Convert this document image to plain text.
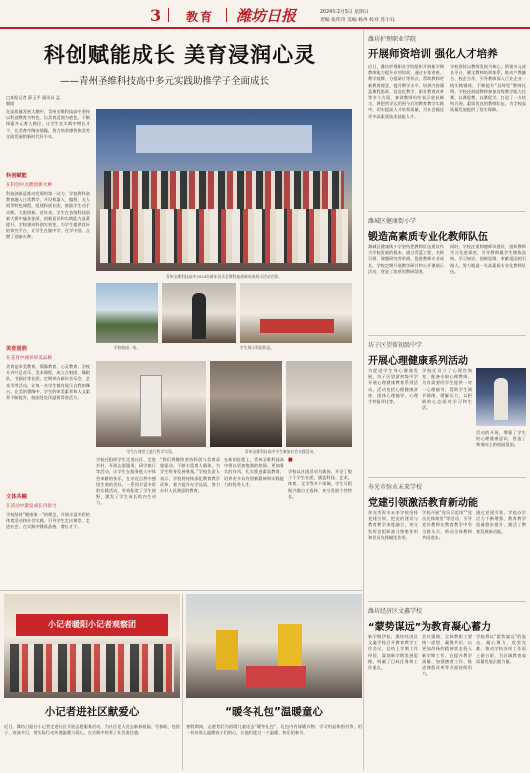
3 教育 潍坊日报	2024年2月5日 星期日
责编 张伟奇 美编 杨冉 校对 苏小钰
科创赋能成长 美育浸润心灵
——青州圣维科技高中多元实践助推学子全面成长
□本报记者 薛玉平 通讯员 孟朝阳
在高质量发展大潮中，青州圣维科技高中坚持以科创教育为特色、以美育浸润为底色，不断探索多元育人路径，让学生在实践中增长才干、在美育中陶冶情操，努力培养德智体美劳全面发展的新时代好少年。
科创赋能
在科创中点燃创新火种
科技创新是推动发展的第一动力。学校将科创教育融入日常教学，开设机器人、编程、无人机等特色课程，组建科创社团，鼓励学生动手实践、大胆创新。近年来，学生在各级科技创新大赛中屡获佳绩，创新意识和实践能力显著提升。学校建成科创实验室，为学生提供良好的探究平台，让学生在做中学、在学中创，点燃了创新火种。
美育浸润
在美育中涵养审美品格
美育是审美教育、情操教育、心灵教育。学校开齐开足音乐、美术课程，成立合唱团、舞蹈队、书画社等社团，定期举办新年音乐会、艺术节等活动，让每一名学生都有展示自我的舞台。在美的熏陶中，学生的审美素养和人文素养不断提升，校园处处洋溢着青春活力。
文体共融
在活动中激发成长内驱力
学校坚持“健康第一”的理念，开展丰富多彩的体育活动和社会实践，引导学生走出课堂、走进社会，在实践中锤炼品格、增长才干。
青州圣维科技高中2024年新年音乐会暨科技创新成果展示活动合影。
学校校园一角。	学生展示科创作品。
学生在课堂上进行科学实验。
学校还组织学生走进社区、走进乡村，开展志愿服务、研学旅行等活动，让学生在服务他人中体会奉献的快乐，在亲近自然中感悟生命的美好。一系列丰富多彩的实践活动，有效拓宽了学生视野，激发了学生成长的内生动力。
“我们将继续坚持科创与美育双轮驱动，不断丰富育人载体，为学生终身发展奠基。”学校负责人表示，学校将持续深化教育教学改革，着力提升办学品质，努力办好人民满意的教育。
在新的征程上，青州圣维科技高中将以更加饱满的热情、更加务实的作风，扎实推进素质教育，培养更多具有创新精神和实践能力的优秀人才。
■
学校以社团活动为载体，开设了数十个学生社团，涵盖科技、艺术、体育、文学等多个领域，学生可根据兴趣自主选择，充分发展个性特长。
青州圣维科技高中学生参加社会实践活动。
潍坊护理职业学院
开展师资培训 强化人才培养
近日，潍坊护理职业学院组织开展新学期教师能力提升专项培训，通过专家讲座、教学观摩、分组研讨等形式，帮助教师更新教育理念，提升教学水平。培训内容涵盖课程思政、信息化教学、职业教育改革等多个方面，参训教师纷纷表示收获颇丰，将把所学运用到今后的教育教学实践中，切实提高人才培养质量，为社会输送更多高素质技术技能人才。
学校坚持以教师发展为核心，搭建多元成长平台，健全教师培训体系，推动产教融合、校企合作，引导教师深入行业企业一线实践锻炼，不断提升“双师型”教师比例。学校还鼓励教师参加各级教学能力比赛，以赛促教、以赛促学，打造了一支结构合理、素质优良的教师队伍，为学校高质量发展提供了坚实保障。
潍城区健康街小学
锻造高素质专业化教师队伍
潍城区健康街小学坚持把教师队伍建设作为学校发展的根本，通过青蓝工程、名师引领、课题研究等举措，促进教师专业成长。学校定期开展教学研讨和公开课展示活动，营造了浓厚的教研氛围。
同时，学校注重师德师风建设，组织教师学习先进事迹，引导教师做学生锤炼品格、学习知识、创新思维、奉献祖国的引路人，努力锻造一支高素质专业化教师队伍。
坊子区望留初级中学
开展心理健康系列活动
为促进学生身心健康发展，坊子区望留初级中学开展心理健康教育系列活动。活动包括心理健康讲座、团体心理辅导、心理手抄报评比等。
学校还设立了心理咨询室，配备专职心理教师，为有需要的学生提供一对一心理辅导，帮助学生调节情绪、缓解压力，以积极的心态面对学习和生活。
活动的开展，增强了学生的心理健康意识，营造了和谐向上的校园氛围。
寿光市弥水未来学校
党建引领激活教育新动能
寿光市弥水未来学校坚持党建引领，把党的建设与教育教学深度融合，充分发挥党组织战斗堡垒作用和党员先锋模范作用。
学校开展“党员示范岗”“党员先锋课堂”等活动，引导党员教师在教育教学中争当排头兵，带动全体教师共同进步。
通过党建引领，学校办学活力不断增强，教育教学质量稳步提升，激活了教育发展新动能。
潍坊经济区文鑫学校
“蒙势谋远”为教育凝心蓄力
新学期伊始，潍坊经济区文鑫学校召开教育教学工作会议，总结上学期工作经验，谋划新学期发展思路，明确了目标任务和工作重点。
会议强调，全体教职工要统一思想、凝聚共识，以更加昂扬的精神状态投入新学期工作，在提升教学质量、加强德育工作、推进课程改革等方面持续用力。
学校将以“蒙势谋远”的姿态，凝心聚力、攻坚克难，推动学校各项工作再上新台阶，为区域教育高质量发展贡献力量。
小记者暖阳小记者观察团
小记者进社区献爱心
近日，潍坊日报社小记者走进社区开展志愿服务活动，为社区老人送去新春祝福，写春联、包饺子、表演节目，用实际行动传递温暖与爱心，在实践中培养了社会责任感。
“暖冬礼包”温暖童心
寒假期间，志愿者们为困境儿童送去“暖冬礼包”，礼包内有保暖衣物、学习用品和图书等，用一份份爱心温暖孩子们的心，让他们度过一个温暖、快乐的春节。
